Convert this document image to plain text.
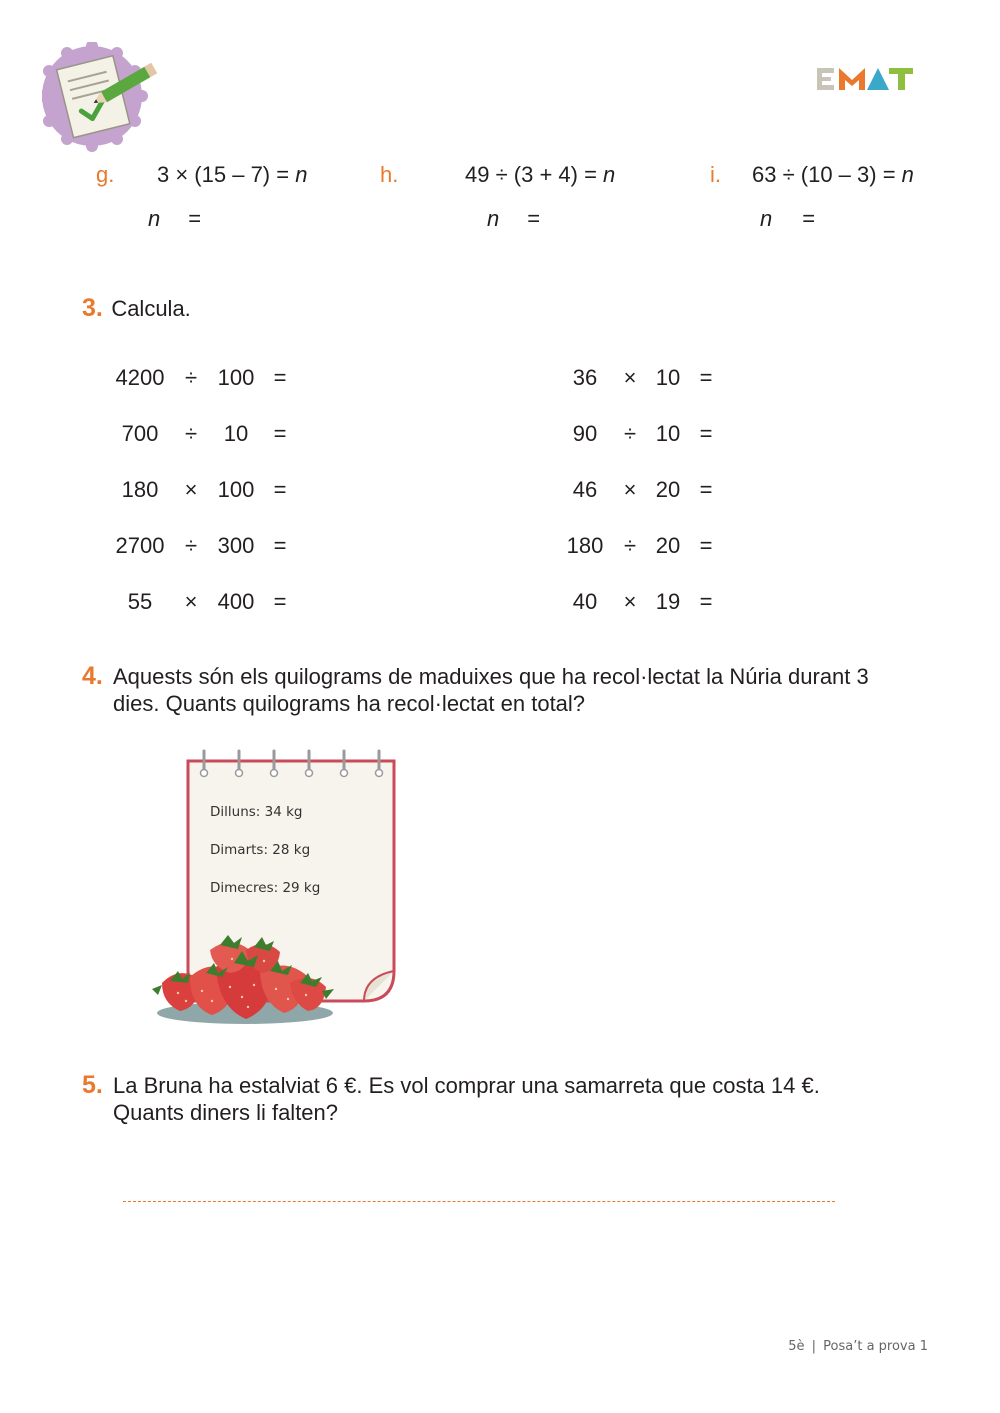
g. 3 × (15 – 7) = n
n =
h.	49 ÷ (3 + 4) = n
n =
i. 63 ÷ (10 – 3) = n
n =
3. Calcula.
4200 ÷ 100 =
700	÷	10	=
180	× 100 =
2700 ÷ 300 =
55	× 400 =
36	× 10 =
90	÷ 10 =
46	× 20 =
180 ÷ 20 =
40	× 19 =
4. Aquests són els quilograms de maduixes que ha recol·lectat la Núria durant 3
dies. Quants quilograms ha recol·lectat en total?
Dilluns: 34 kg
Dimarts: 28 kg
Dimecres: 29 kg
5. La Bruna ha estalviat 6 €. Es vol comprar una samarreta que costa 14 €.
Quants diners li falten?
5è | Posa’t a prova 1
